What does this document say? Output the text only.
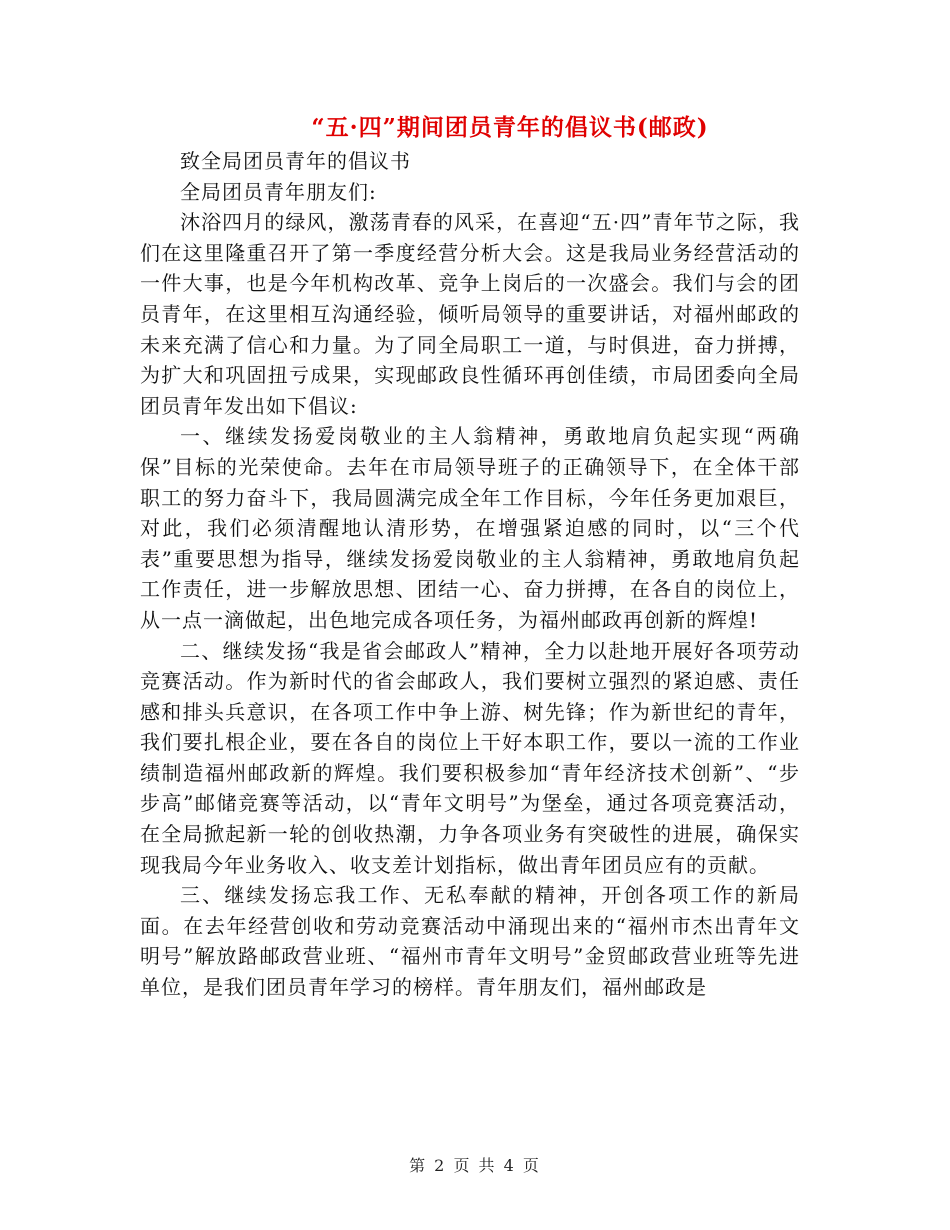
“五·四”期间团员青年的倡议书(邮政)

致全局团员青年的倡议书

全局团员青年朋友们:

沐浴四月的绿风，激荡青春的风采，在喜迎“五·四”青年节之际，我们在这里隆重召开了第一季度经营分析大会。这是我局业务经营活动的一件大事，也是今年机构改革、竞争上岗后的一次盛会。我们与会的团员青年，在这里相互沟通经验，倾听局领导的重要讲话，对福州邮政的未来充满了信心和力量。为了同全局职工一道，与时俱进，奋力拼搏，为扩大和巩固扭亏成果，实现邮政良性循环再创佳绩，市局团委向全局团员青年发出如下倡议:

一、继续发扬爱岗敬业的主人翁精神，勇敢地肩负起实现“两确保”目标的光荣使命。去年在市局领导班子的正确领导下，在全体干部职工的努力奋斗下，我局圆满完成全年工作目标，今年任务更加艰巨，对此，我们必须清醒地认清形势，在增强紧迫感的同时，以“三个代表”重要思想为指导，继续发扬爱岗敬业的主人翁精神，勇敢地肩负起工作责任，进一步解放思想、团结一心、奋力拼搏，在各自的岗位上，从一点一滴做起，出色地完成各项任务，为福州邮政再创新的辉煌!

二、继续发扬“我是省会邮政人”精神，全力以赴地开展好各项劳动竞赛活动。作为新时代的省会邮政人，我们要树立强烈的紧迫感、责任感和排头兵意识，在各项工作中争上游、树先锋；作为新世纪的青年，我们要扎根企业，要在各自的岗位上干好本职工作，要以一流的工作业绩制造福州邮政新的辉煌。我们要积极参加“青年经济技术创新”、“步步高”邮储竞赛等活动，以“青年文明号”为堡垒，通过各项竞赛活动，在全局掀起新一轮的创收热潮，力争各项业务有突破性的进展，确保实现我局今年业务收入、收支差计划指标，做出青年团员应有的贡献。

三、继续发扬忘我工作、无私奉献的精神，开创各项工作的新局面。在去年经营创收和劳动竞赛活动中涌现出来的“福州市杰出青年文明号”解放路邮政营业班、“福州市青年文明号”金贸邮政营业班等先进单位，是我们团员青年学习的榜样。青年朋友们，福州邮政是

第 2 页 共 4 页
